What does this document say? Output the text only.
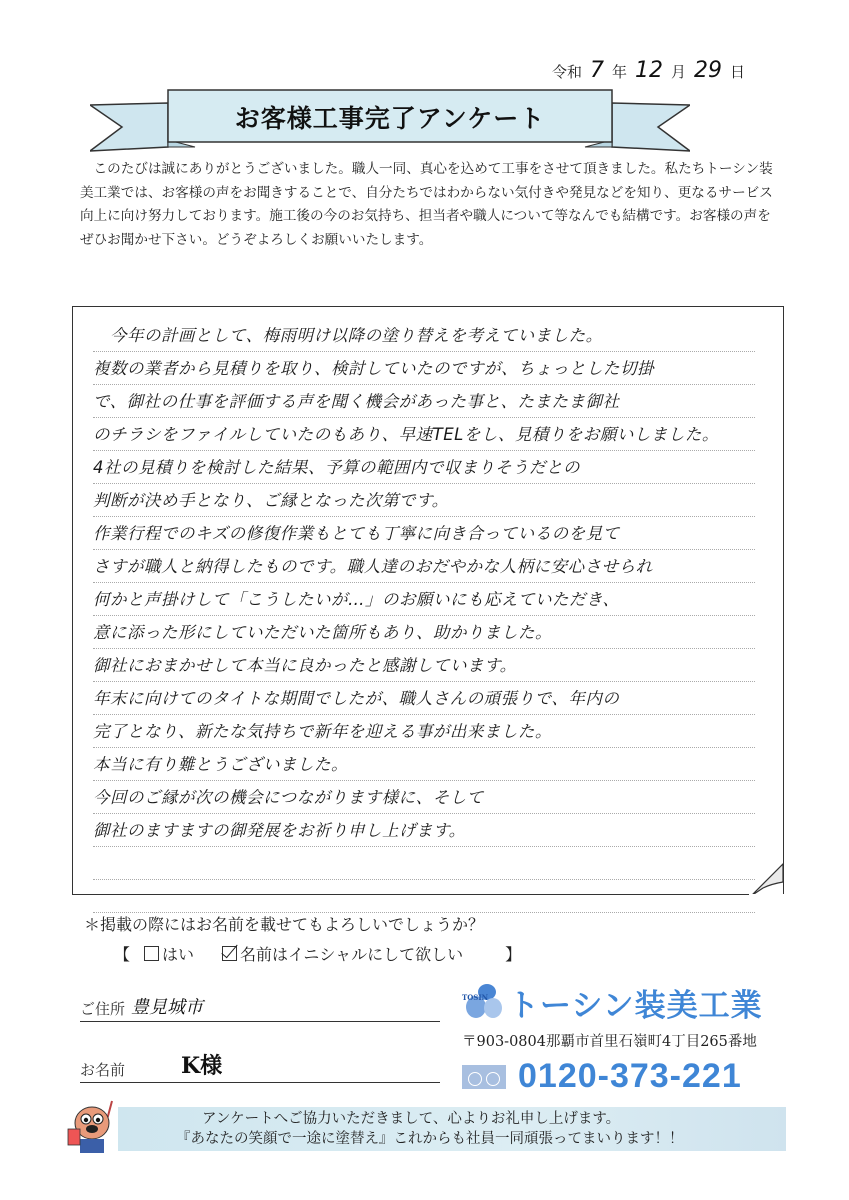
令和 7 年 12 月 29 日
お客様工事完了アンケート

このたびは誠にありがとうございました。職人一同、真心を込めて工事をさせて頂きました。私たちトーシン装美工業では、お客様の声をお聞きすることで、自分たちではわからない気付きや発見などを知り、更なるサービス向上に向け努力しております。施工後の今のお気持ち、担当者や職人について等なんでも結構です。お客様の声をぜひお聞かせ下さい。どうぞよろしくお願いいたします。

　今年の計画として、梅雨明け以降の塗り替えを考えていました。
複数の業者から見積りを取り、検討していたのですが、ちょっとした切掛
で、御社の仕事を評価する声を聞く機会があった事と、たまたま御社
のチラシをファイルしていたのもあり、早速TELをし、見積りをお願いしました。
4社の見積りを検討した結果、予算の範囲内で収まりそうだとの
判断が決め手となり、ご縁となった次第です。
作業行程でのキズの修復作業もとても丁寧に向き合っているのを見て
さすが職人と納得したものです。職人達のおだやかな人柄に安心させられ
何かと声掛けして「こうしたいが…」のお願いにも応えていただき、
意に添った形にしていただいた箇所もあり、助かりました。
御社におまかせして本当に良かったと感謝しています。
年末に向けてのタイトな期間でしたが、職人さんの頑張りで、年内の
完了となり、新たな気持ちで新年を迎える事が出来ました。
本当に有り難とうございました。
今回のご縁が次の機会につながります様に、そして
御社のますますの御発展をお祈り申し上げます。
＊掲載の際にはお名前を載せてもよろしいでしょうか？
【 はい	名前はイニシャルにして欲しい	】
ご住所 豊見城市
お名前	K様
TOSIN トーシン装美工業
〒903-0804那覇市首里石嶺町4丁目265番地
0120-373-221
アンケートへご協力いただきまして、心よりお礼申し上げます。
『あなたの笑顔で一途に塗替え』これからも社員一同頑張ってまいります！！
